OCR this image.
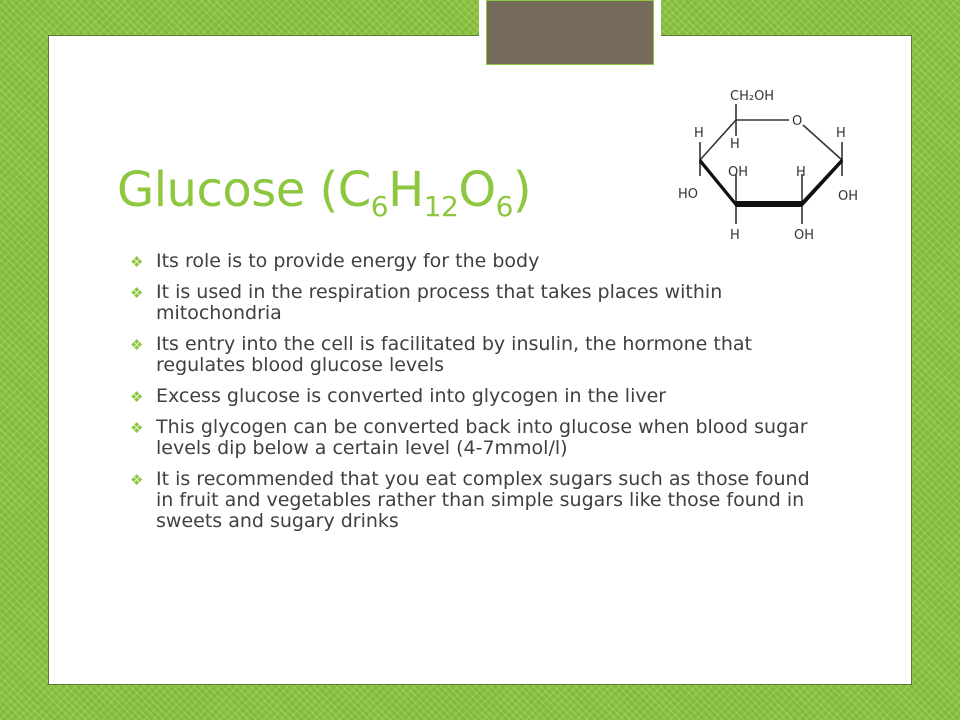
Glucose $(C_6H_{12}O_6)$
CH₂OH
O
H	H
H
OH	H
HO	OH
H	OH
❖ Its role is to provide energy for the body
❖ It is used in the respiration process that takes places within mitochondria
❖ Its entry into the cell is facilitated by insulin, the hormone that regulates blood glucose levels
❖ Excess glucose is converted into glycogen in the liver
❖ This glycogen can be converted back into glucose when blood sugar levels dip below a certain level (4-7mmol/l)
❖ It is recommended that you eat complex sugars such as those found in fruit and vegetables rather than simple sugars like those found in sweets and sugary drinks
